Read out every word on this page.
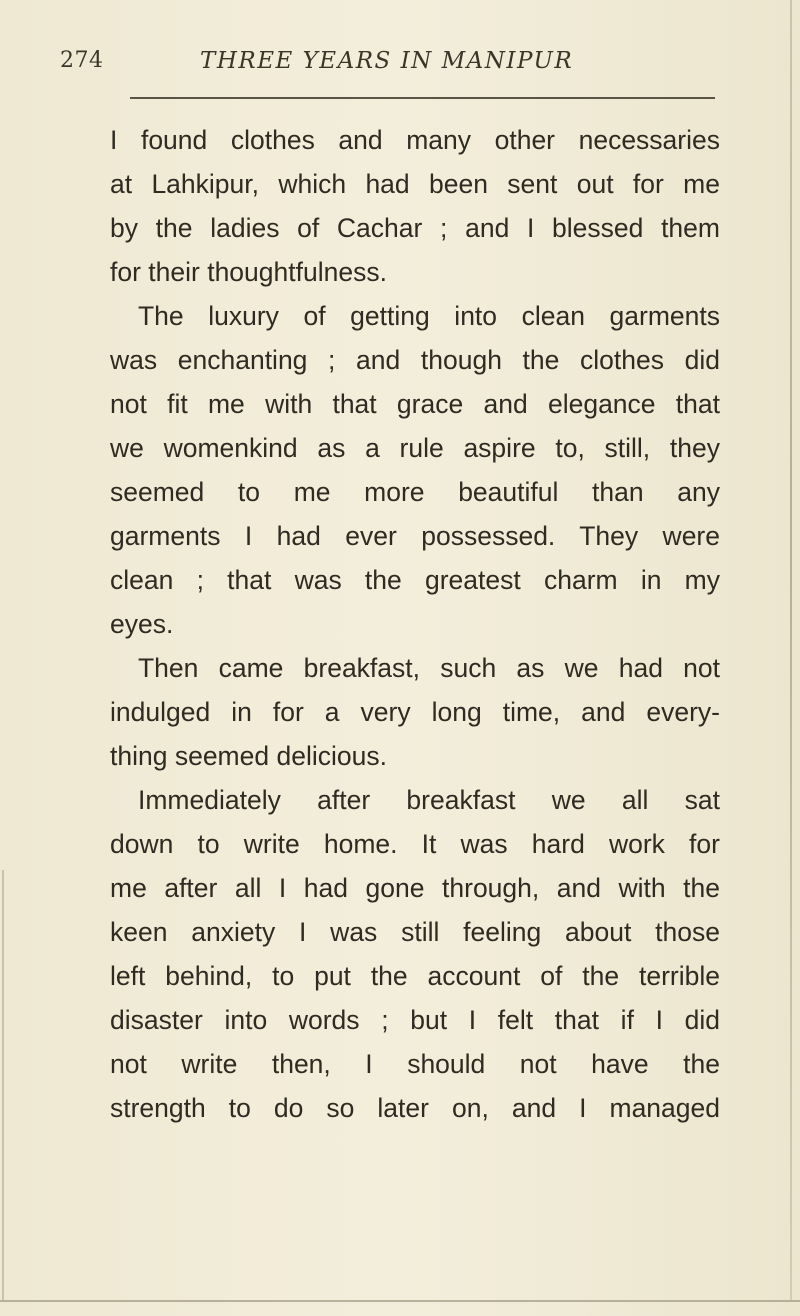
274	THREE YEARS IN MANIPUR
I found clothes and many other necessaries
at Lahkipur, which had been sent out for me
by the ladies of Cachar ; and I blessed them
for their thoughtfulness.
The luxury of getting into clean garments
was enchanting ; and though the clothes did
not fit me with that grace and elegance that
we womenkind as a rule aspire to, still, they
seemed to me more beautiful than any
garments I had ever possessed. They were
clean ; that was the greatest charm in my
eyes.
Then came breakfast, such as we had not
indulged in for a very long time, and every-
thing seemed delicious.
Immediately after breakfast we all sat
down to write home. It was hard work for
me after all I had gone through, and with the
keen anxiety I was still feeling about those
left behind, to put the account of the terrible
disaster into words ; but I felt that if I did
not write then, I should not have the
strength to do so later on, and I managed
